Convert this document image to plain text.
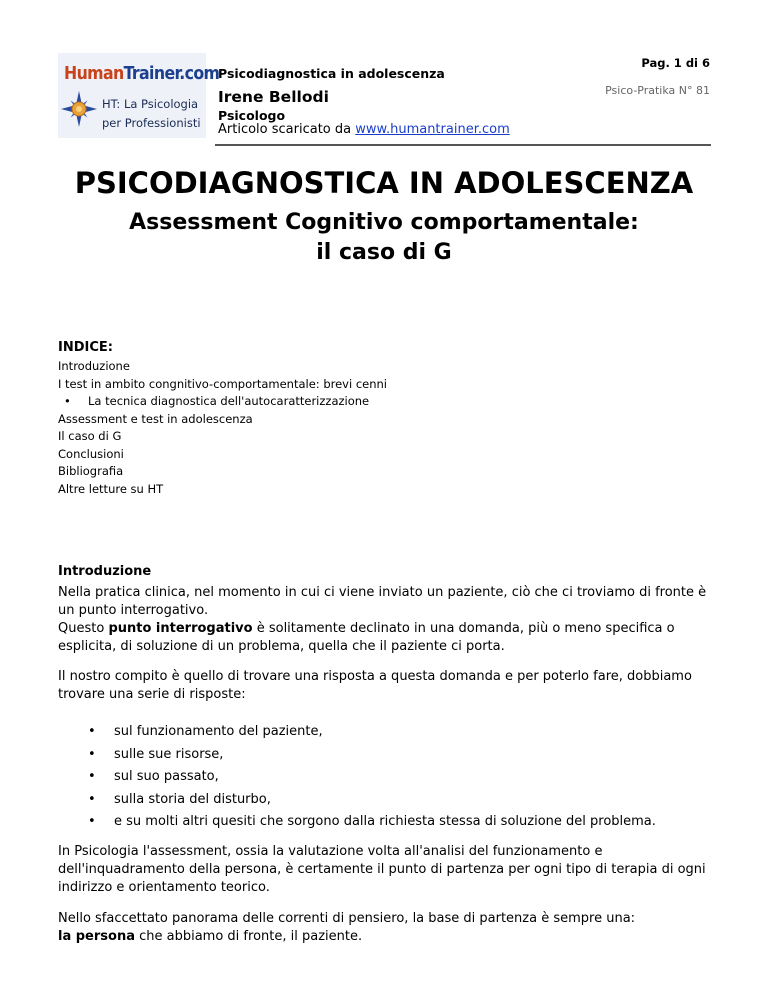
HumanTrainer.com
HT: La Psicologia
per Professionisti
Psicodiagnostica in adolescenza
Irene Bellodi
Psicologo
Articolo scaricato da www.humantrainer.com
Pag. 1 di 6
Psico-Pratika N° 81
PSICODIAGNOSTICA IN ADOLESCENZA
Assessment Cognitivo comportamentale:
il caso di G
INDICE:
Introduzione
I test in ambito congnitivo-comportamentale: brevi cenni
• La tecnica diagnostica dell'autocaratterizzazione
Assessment e test in adolescenza
Il caso di G
Conclusioni
Bibliografia
Altre letture su HT
Introduzione

Nella pratica clinica, nel momento in cui ci viene inviato un paziente, ciò che ci troviamo di fronte è un punto interrogativo.
Questo punto interrogativo è solitamente declinato in una domanda, più o meno specifica o esplicita, di soluzione di un problema, quella che il paziente ci porta.

Il nostro compito è quello di trovare una risposta a questa domanda e per poterlo fare, dobbiamo trovare una serie di risposte:

• sul funzionamento del paziente,
• sulle sue risorse,
• sul suo passato,
• sulla storia del disturbo,
• e su molti altri quesiti che sorgono dalla richiesta stessa di soluzione del problema.

In Psicologia l'assessment, ossia la valutazione volta all'analisi del funzionamento e dell'inquadramento della persona, è certamente il punto di partenza per ogni tipo di terapia di ogni indirizzo e orientamento teorico.

Nello sfaccettato panorama delle correnti di pensiero, la base di partenza è sempre una:
la persona che abbiamo di fronte, il paziente.
